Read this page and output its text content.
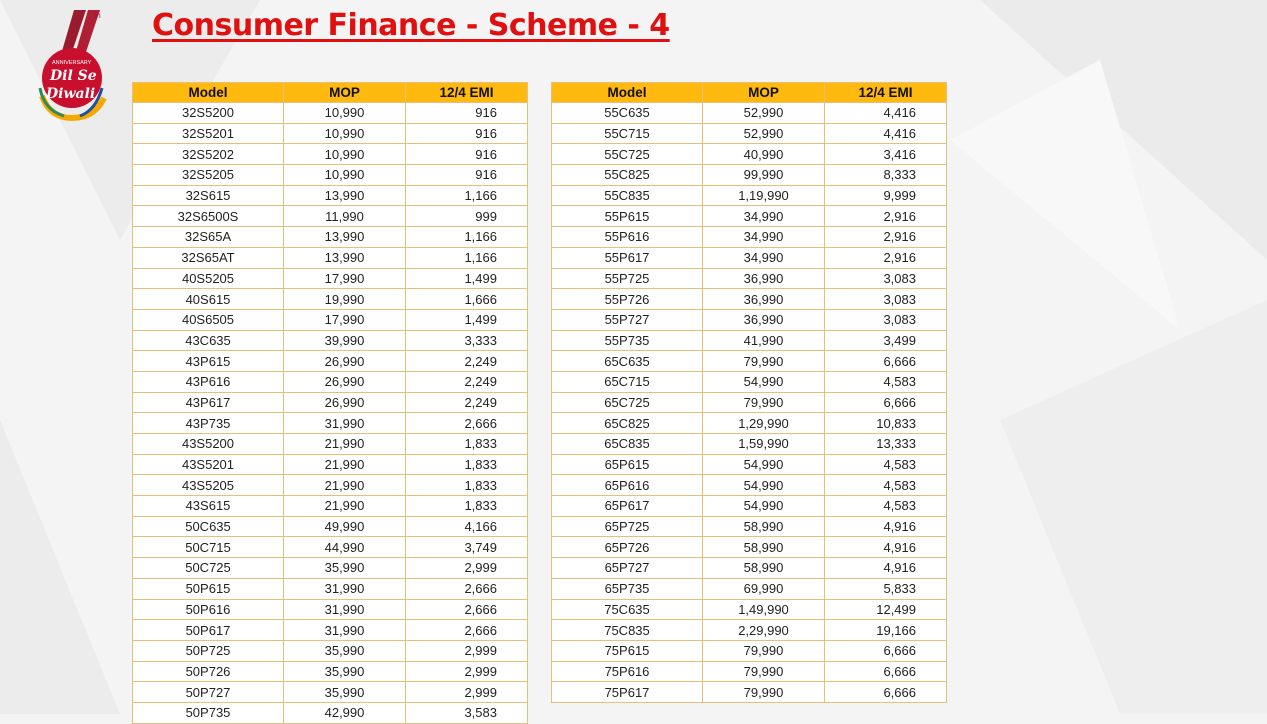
th
ANNIVERSARY
Dil Se
Diwali
Consumer Finance - Scheme - 4
Model	MOP	12/4 EMI
32S5200	10,990	916
32S5201	10,990	916
32S5202	10,990	916
32S5205	10,990	916
32S615	13,990	1,166
32S6500S	11,990	999
32S65A	13,990	1,166
32S65AT	13,990	1,166
40S5205	17,990	1,499
40S615	19,990	1,666
40S6505	17,990	1,499
43C635	39,990	3,333
43P615	26,990	2,249
43P616	26,990	2,249
43P617	26,990	2,249
43P735	31,990	2,666
43S5200	21,990	1,833
43S5201	21,990	1,833
43S5205	21,990	1,833
43S615	21,990	1,833
50C635	49,990	4,166
50C715	44,990	3,749
50C725	35,990	2,999
50P615	31,990	2,666
50P616	31,990	2,666
50P617	31,990	2,666
50P725	35,990	2,999
50P726	35,990	2,999
50P727	35,990	2,999
50P735	42,990	3,583
Model	MOP	12/4 EMI
55C635	52,990	4,416
55C715	52,990	4,416
55C725	40,990	3,416
55C825	99,990	8,333
55C835	1,19,990	9,999
55P615	34,990	2,916
55P616	34,990	2,916
55P617	34,990	2,916
55P725	36,990	3,083
55P726	36,990	3,083
55P727	36,990	3,083
55P735	41,990	3,499
65C635	79,990	6,666
65C715	54,990	4,583
65C725	79,990	6,666
65C825	1,29,990	10,833
65C835	1,59,990	13,333
65P615	54,990	4,583
65P616	54,990	4,583
65P617	54,990	4,583
65P725	58,990	4,916
65P726	58,990	4,916
65P727	58,990	4,916
65P735	69,990	5,833
75C635	1,49,990	12,499
75C835	2,29,990	19,166
75P615	79,990	6,666
75P616	79,990	6,666
75P617	79,990	6,666
